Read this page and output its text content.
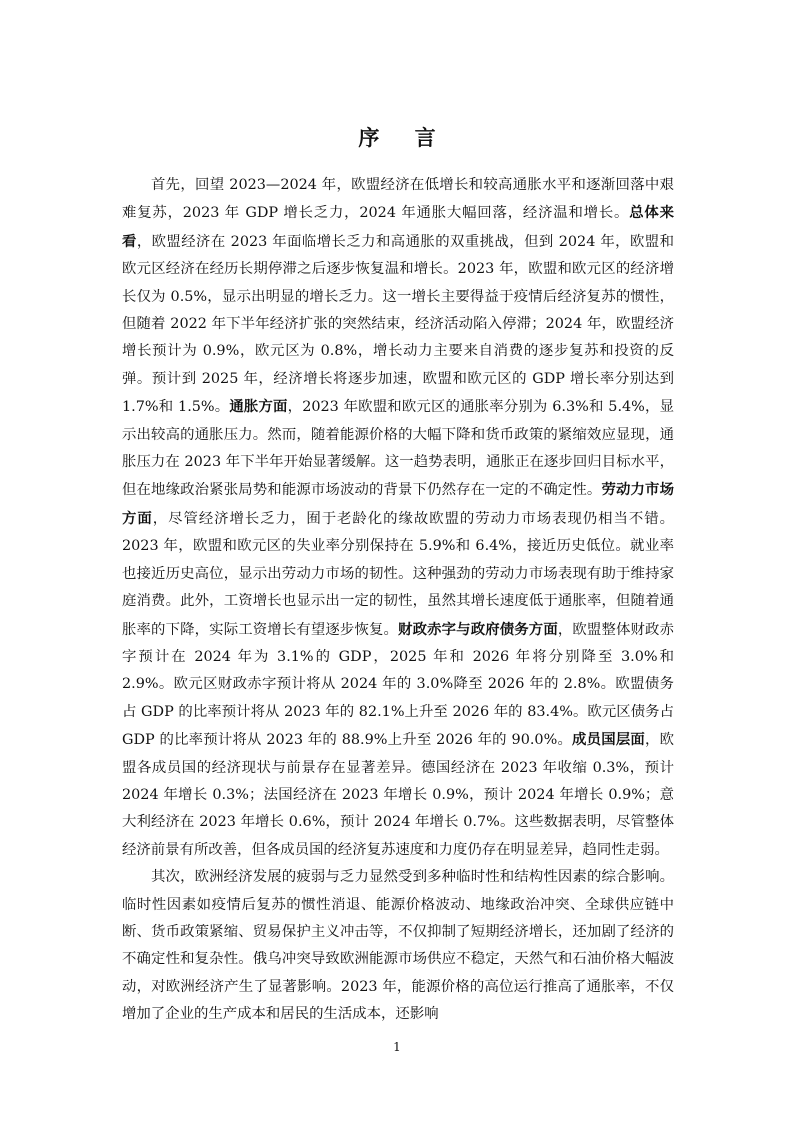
序 言

首先，回望 2023—2024 年，欧盟经济在低增长和较高通胀水平和逐渐回落中艰难复苏，2023 年 GDP 增长乏力，2024 年通胀大幅回落，经济温和增长。总体来看，欧盟经济在 2023 年面临增长乏力和高通胀的双重挑战，但到 2024 年，欧盟和欧元区经济在经历长期停滞之后逐步恢复温和增长。2023 年，欧盟和欧元区的经济增长仅为 0.5%，显示出明显的增长乏力。这一增长主要得益于疫情后经济复苏的惯性，但随着 2022 年下半年经济扩张的突然结束，经济活动陷入停滞；2024 年，欧盟经济增长预计为 0.9%，欧元区为 0.8%，增长动力主要来自消费的逐步复苏和投资的反弹。预计到 2025 年，经济增长将逐步加速，欧盟和欧元区的 GDP 增长率分别达到 1.7%和 1.5%。通胀方面，2023 年欧盟和欧元区的通胀率分别为 6.3%和 5.4%，显示出较高的通胀压力。然而，随着能源价格的大幅下降和货币政策的紧缩效应显现，通胀压力在 2023 年下半年开始显著缓解。这一趋势表明，通胀正在逐步回归目标水平，但在地缘政治紧张局势和能源市场波动的背景下仍然存在一定的不确定性。劳动力市场方面，尽管经济增长乏力，囿于老龄化的缘故欧盟的劳动力市场表现仍相当不错。2023 年，欧盟和欧元区的失业率分别保持在 5.9%和 6.4%，接近历史低位。就业率也接近历史高位，显示出劳动力市场的韧性。这种强劲的劳动力市场表现有助于维持家庭消费。此外，工资增长也显示出一定的韧性，虽然其增长速度低于通胀率，但随着通胀率的下降，实际工资增长有望逐步恢复。财政赤字与政府债务方面，欧盟整体财政赤字预计在 2024 年为 3.1%的 GDP，2025 年和 2026 年将分别降至 3.0%和 2.9%。欧元区财政赤字预计将从 2024 年的 3.0%降至 2026 年的 2.8%。欧盟债务占 GDP 的比率预计将从 2023 年的 82.1%上升至 2026 年的 83.4%。欧元区债务占 GDP 的比率预计将从 2023 年的 88.9%上升至 2026 年的 90.0%。成员国层面，欧盟各成员国的经济现状与前景存在显著差异。德国经济在 2023 年收缩 0.3%，预计 2024 年增长 0.3%；法国经济在 2023 年增长 0.9%，预计 2024 年增长 0.9%；意大利经济在 2023 年增长 0.6%，预计 2024 年增长 0.7%。这些数据表明，尽管整体经济前景有所改善，但各成员国的经济复苏速度和力度仍存在明显差异，趋同性走弱。

其次，欧洲经济发展的疲弱与乏力显然受到多种临时性和结构性因素的综合影响。临时性因素如疫情后复苏的惯性消退、能源价格波动、地缘政治冲突、全球供应链中断、货币政策紧缩、贸易保护主义冲击等，不仅抑制了短期经济增长，还加剧了经济的不确定性和复杂性。俄乌冲突导致欧洲能源市场供应不稳定，天然气和石油价格大幅波动，对欧洲经济产生了显著影响。2023 年，能源价格的高位运行推高了通胀率，不仅增加了企业的生产成本和居民的生活成本，还影响

1
